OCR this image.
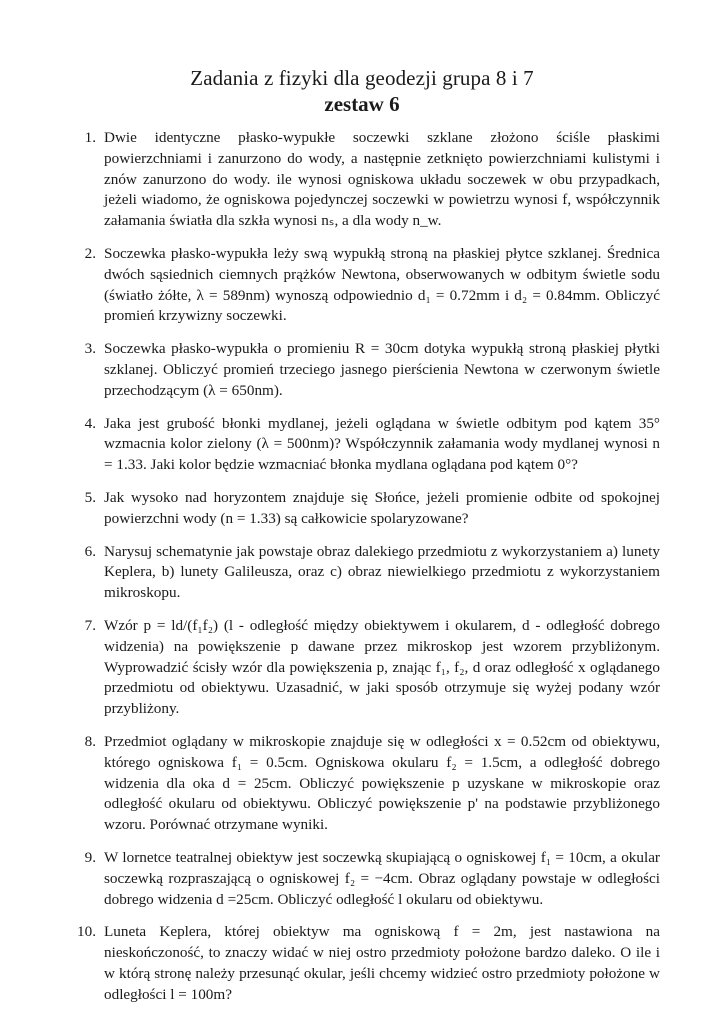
Zadania z fizyki dla geodezji grupa 8 i 7
zestaw 6
1. Dwie identyczne płasko-wypukłe soczewki szklane złożono ściśle płaskimi powierzchniami i zanurzono do wody, a następnie zetknięto powierzchniami kulistymi i znów zanurzono do wody. ile wynosi ogniskowa układu soczewek w obu przypadkach, jeżeli wiadomo, że ogniskowa pojedynczej soczewki w powietrzu wynosi f, współczynnik załamania światła dla szkła wynosi nₛ, a dla wody n_w.
2. Soczewka płasko-wypukła leży swą wypukłą stroną na płaskiej płytce szklanej. Średnica dwóch sąsiednich ciemnych prążków Newtona, obserwowanych w odbitym świetle sodu (światło żółte, λ = 589nm) wynoszą odpowiednio d₁ = 0.72mm i d₂ = 0.84mm. Obliczyć promień krzywizny soczewki.
3. Soczewka płasko-wypukła o promieniu R = 30cm dotyka wypukłą stroną płaskiej płytki szklanej. Obliczyć promień trzeciego jasnego pierścienia Newtona w czerwonym świetle przechodzącym (λ = 650nm).
4. Jaka jest grubość błonki mydlanej, jeżeli oglądana w świetle odbitym pod kątem 35° wzmacnia kolor zielony (λ = 500nm)? Współczynnik załamania wody mydlanej wynosi n = 1.33. Jaki kolor będzie wzmacniać błonka mydlana oglądana pod kątem 0°?
5. Jak wysoko nad horyzontem znajduje się Słońce, jeżeli promienie odbite od spokojnej powierzchni wody (n = 1.33) są całkowicie spolaryzowane?
6. Narysuj schematynie jak powstaje obraz dalekiego przedmiotu z wykorzystaniem a) lunety Keplera, b) lunety Galileusza, oraz c) obraz niewielkiego przedmiotu z wykorzystaniem mikroskopu.
7. Wzór p = ld/(f₁f₂) (l - odległość między obiektywem i okularem, d - odległość dobrego widzenia) na powiększenie p dawane przez mikroskop jest wzorem przybliżonym. Wyprowadzić ścisły wzór dla powiększenia p, znając f₁, f₂, d oraz odległość x oglądanego przedmiotu od obiektywu. Uzasadnić, w jaki sposób otrzymuje się wyżej podany wzór przybliżony.
8. Przedmiot oglądany w mikroskopie znajduje się w odległości x = 0.52cm od obiektywu, którego ogniskowa f₁ = 0.5cm. Ogniskowa okularu f₂ = 1.5cm, a odległość dobrego widzenia dla oka d = 25cm. Obliczyć powiększenie p uzyskane w mikroskopie oraz odległość okularu od obiektywu. Obliczyć powiększenie p' na podstawie przybliżonego wzoru. Porównać otrzymane wyniki.
9. W lornetce teatralnej obiektyw jest soczewką skupiającą o ogniskowej f₁ = 10cm, a okular soczewką rozpraszającą o ogniskowej f₂ = −4cm. Obraz oglądany powstaje w odległości dobrego widzenia d =25cm. Obliczyć odległość l okularu od obiektywu.
10. Luneta Keplera, której obiektyw ma ogniskową f = 2m, jest nastawiona na nieskończoność, to znaczy widać w niej ostro przedmioty położone bardzo daleko. O ile i w którą stronę należy przesunąć okular, jeśli chcemy widzieć ostro przedmioty położone w odległości l = 100m?
